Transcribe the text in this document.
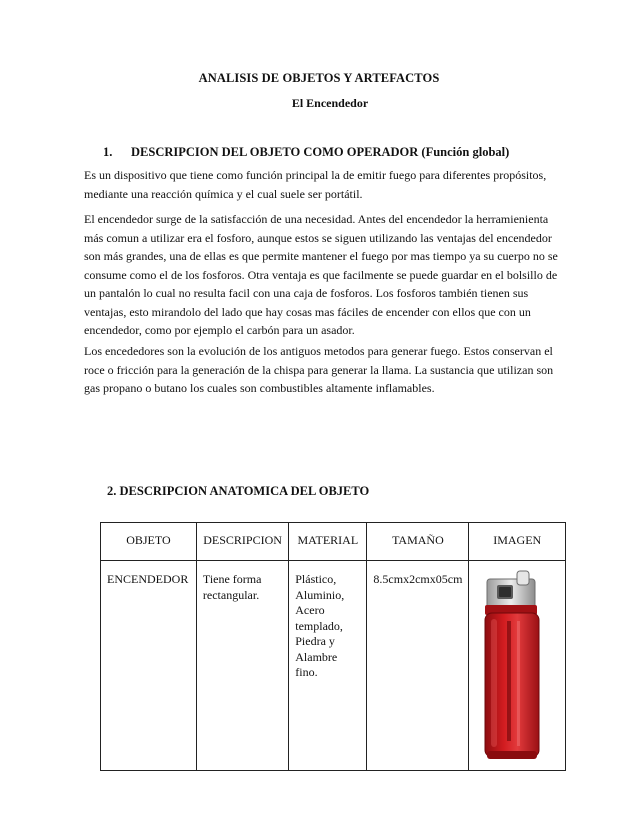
ANALISIS DE OBJETOS Y ARTEFACTOS
El Encendedor
1. DESCRIPCION DEL OBJETO COMO OPERADOR (Función global)

Es un dispositivo que tiene como función principal la de emitir fuego para diferentes propósitos, mediante una reacción química y el cual suele ser portátil.

El encendedor surge de la satisfacción de una necesidad. Antes del encendedor la herramienienta más comun a utilizar era el fosforo, aunque estos se siguen utilizando las ventajas del encendedor son más grandes, una de ellas es que permite mantener el fuego por mas tiempo ya su cuerpo no se consume como el de los fosforos. Otra ventaja es que facilmente se puede guardar en el bolsillo de un pantalón lo cual no resulta facil con una caja de fosforos. Los fosforos también tienen sus ventajas, esto mirandolo del lado que hay cosas mas fáciles de encender con ellos que con un encendedor, como por ejemplo el carbón para un asador.

Los encededores son la evolución de los antiguos metodos para generar fuego. Estos conservan el roce o fricción para la generación de la chispa para generar la llama. La sustancia que utilizan son gas propano o butano los cuales son combustibles altamente inflamables.

2. DESCRIPCION ANATOMICA DEL OBJETO
OBJETO	DESCRIPCION	MATERIAL	TAMAÑO	IMAGEN
ENCENDEDOR	Tiene forma rectangular.	Plástico, Aluminio, Acero templado, Piedra y Alambre fino.	8.5cmx2cmx05cm	
